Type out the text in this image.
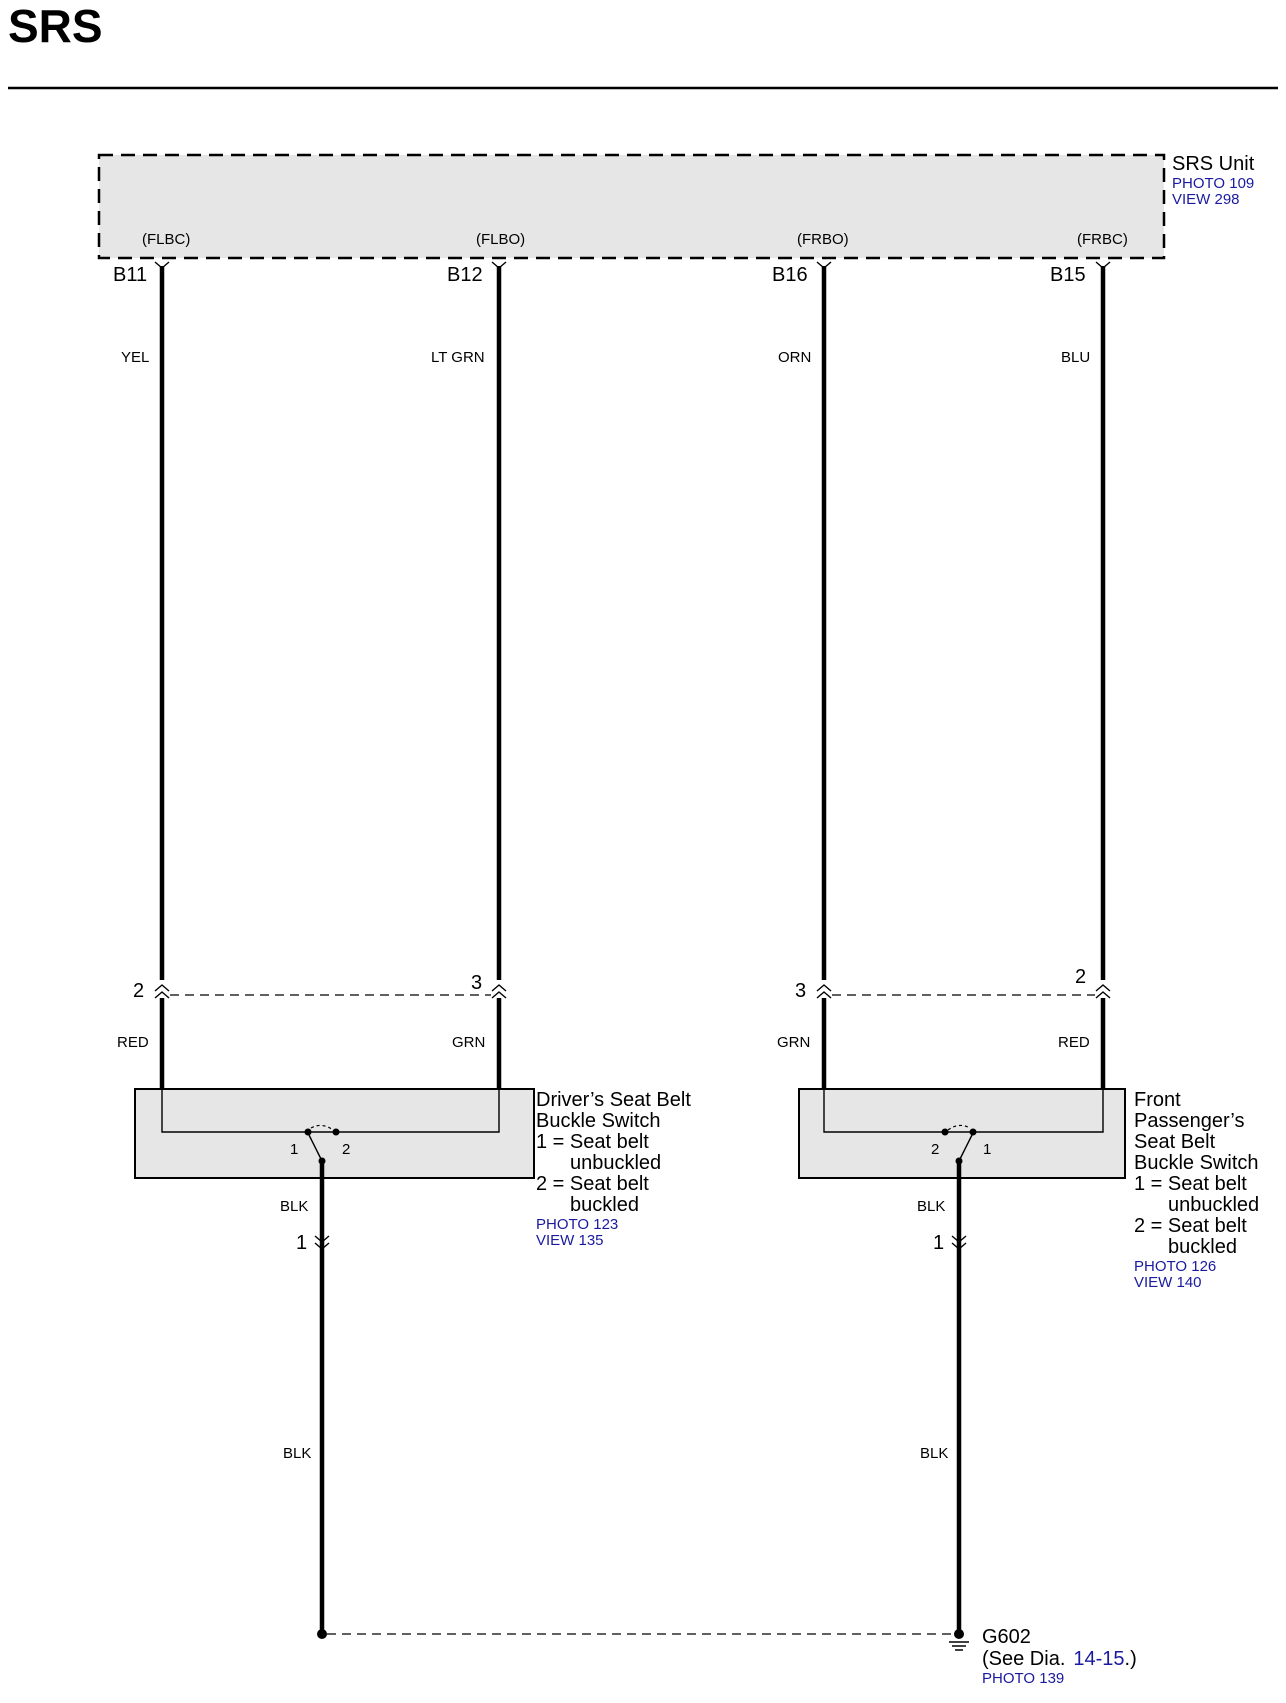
SRS
SRS Unit
PHOTO 109
VIEW 298
(FLBC)	(FLBO)	(FRBO)	(FRBC)
B11	B12	B16	B15
YEL	LT GRN	ORN	BLU
2	3	3
2
RED	GRN	GRN	RED
1	2
Driver’s Seat Belt
Buckle Switch
1 = Seat belt
unbuckled
2 = Seat belt
buckled
PHOTO 123
VIEW 135
BLK
1
BLK
2	1
Front
Passenger’s
Seat Belt
Buckle Switch
1 = Seat belt
unbuckled
2 = Seat belt
buckled
PHOTO 126
VIEW 140
BLK
1
BLK
G602
(See Dia. 14-15.)
PHOTO 139
